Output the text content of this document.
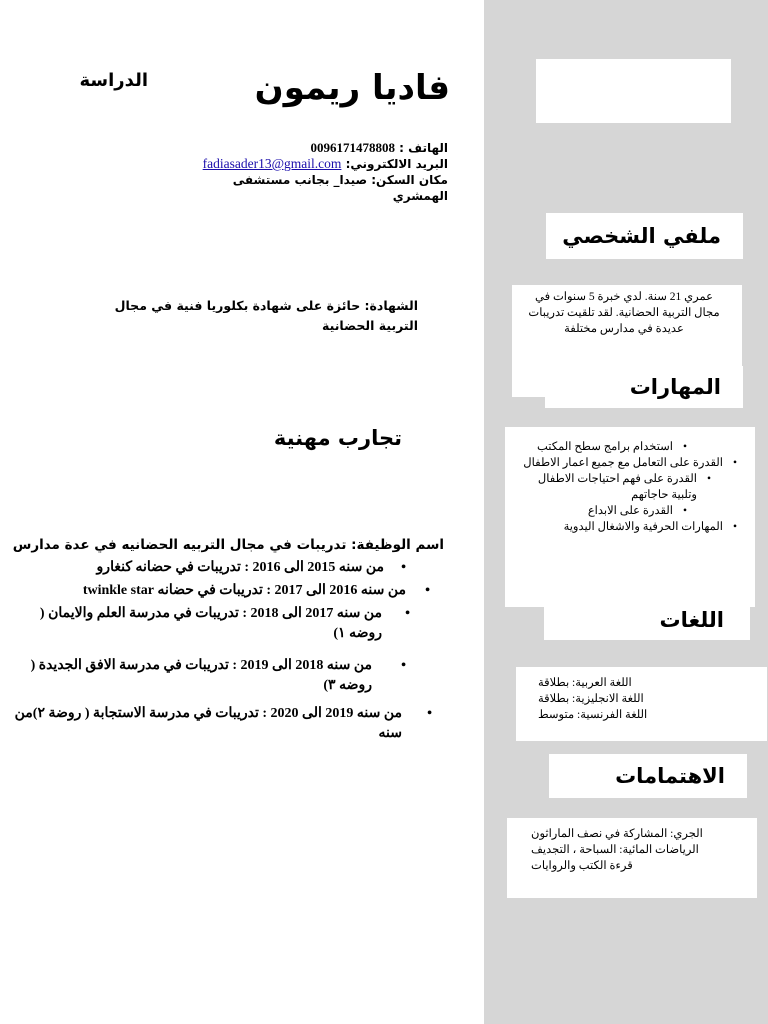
ملفي الشخصي
عمري 21 سنة. لدي خبرة 5 سنوات في مجال التربية الحضانية. لقد تلقيت تدريبات عديدة في مدارس مختلفة
المهارات
• استخدام برامج سطح المكتب
• القدرة على التعامل مع جميع اعمار الاطفال
• القدرة على فهم احتياجات الاطفال وتلبية حاجاتهم
• القدرة على الابداع
• المهارات الحرفية والاشغال اليدوية
اللغات
اللغة العربية: بطلاقة
اللغة الانجليزية: بطلاقة
اللغة الفرنسية: متوسط
الاهتمامات
الجري: المشاركة في نصف الماراثون
الرياضات المائية: السباحة ، التجديف
قرءة الكتب والروايات
الدراسة	فاديا ريمون
الهاتف : 0096171478808
البريد الالكتروني: fadiasader13@gmail.com
مكان السكن: صيدا_ بجانب مستشفى الهمشري
الشهادة: حائزة على شهادة بكلوريا فنية في مجال التربية الحضانية
تجارب مهنية
اسم الوظيفة: تدريبات في مجال التربيه الحضانيه في عدة مدارس
• من سنه 2015 الى 2016 : تدريبات في حضانه كنغارو
• من سنه 2016 الى 2017 : تدريبات في حضانه twinkle star
• من سنه 2017 الى 2018 : تدريبات في مدرسة العلم والايمان ( روضه ١)
• من سنه 2018 الى 2019 : تدريبات في مدرسة الافق الجديدة ( روضه ٣)
• من سنه 2019 الى 2020 : تدريبات في مدرسة الاستجابة ( روضة ٢)من سنه
